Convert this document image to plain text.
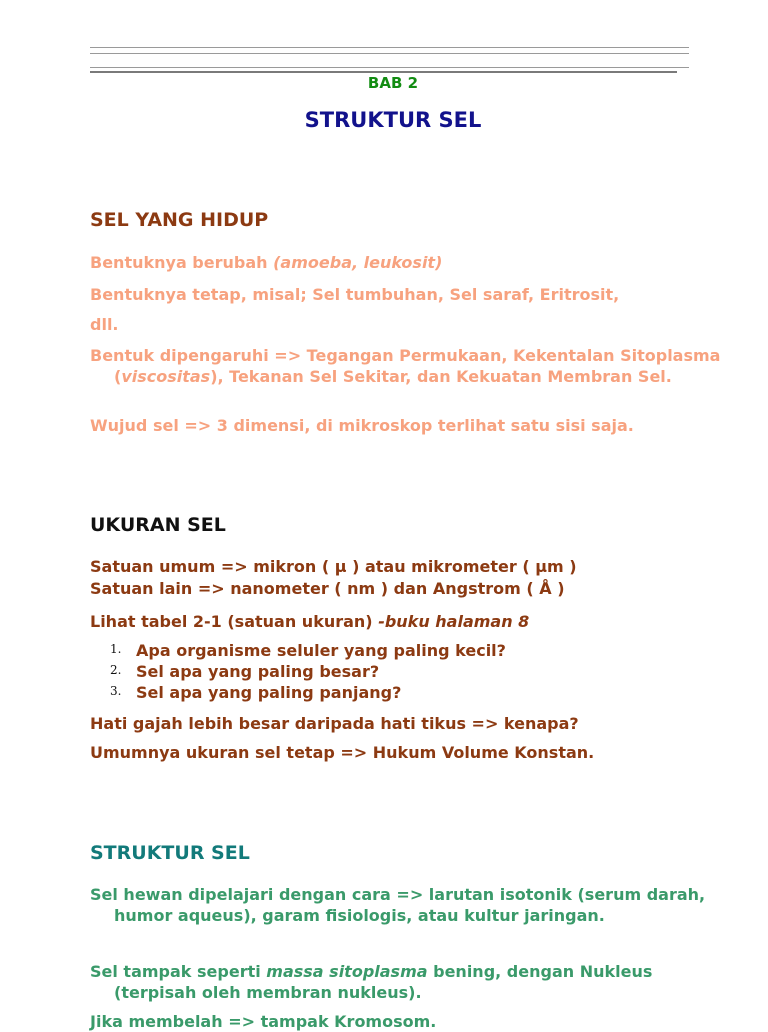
BAB 2

STRUKTUR SEL
SEL YANG HIDUP

Bentuknya berubah (amoeba, leukosit)

Bentuknya tetap, misal; Sel tumbuhan, Sel saraf, Eritrosit,

dll.

Bentuk dipengaruhi => Tegangan Permukaan, Kekentalan Sitoplasma (viscositas), Tekanan Sel Sekitar, dan Kekuatan Membran Sel.

Wujud sel => 3 dimensi, di mikroskop terlihat satu sisi saja.

UKURAN SEL

Satuan umum => mikron ( µ ) atau mikrometer ( µm )

Satuan lain => nanometer ( nm ) dan Angstrom ( Å )

Lihat tabel 2-1 (satuan ukuran) -buku halaman 8

1. Apa organisme seluler yang paling kecil?
2. Sel apa yang paling besar?
3. Sel apa yang paling panjang?

Hati gajah lebih besar daripada hati tikus => kenapa?

Umumnya ukuran sel tetap => Hukum Volume Konstan.

STRUKTUR SEL

Sel hewan dipelajari dengan cara => larutan isotonik (serum darah, humor aqueus), garam fisiologis, atau kultur jaringan.

Sel tampak seperti massa sitoplasma bening, dengan Nukleus (terpisah oleh membran nukleus).

Jika membelah => tampak Kromosom.
